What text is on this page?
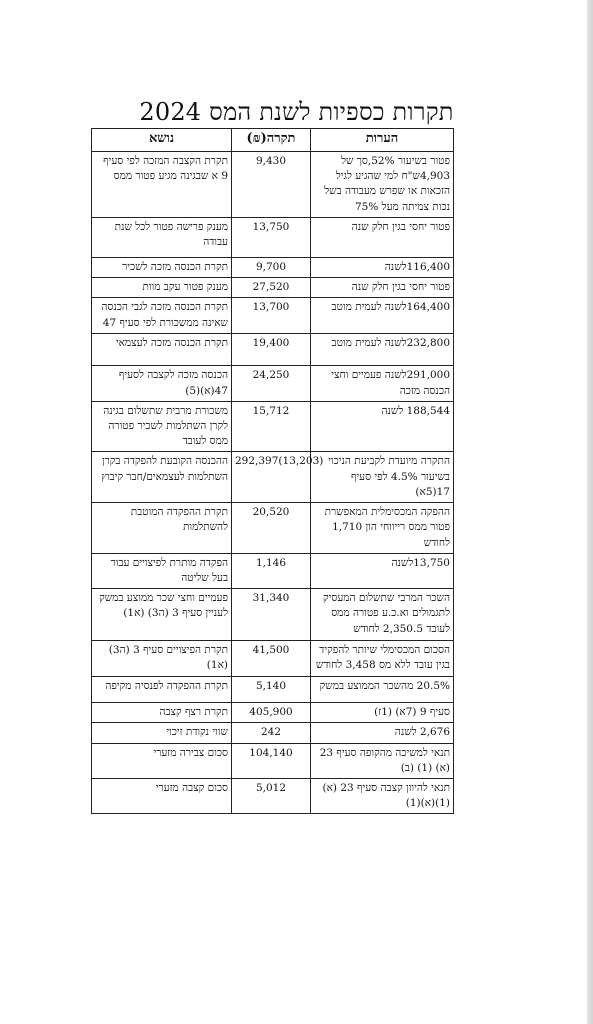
תקרות כספיות לשנת המס 2024
הערות	תקרה(₪)	נושא
פטור בשיעור 52%,סך של 4,903ש"ח למי שהגיע לגיל הזכאות או שפרש מעבודה בשל נכות צמיתה מעל 75%	9,430	תקרת הקצבה המזכה לפי סעיף 9 א שבגינה מגיע פטור ממס
פטור יחסי בגין חלק שנה	13,750	מענק פרישה פטור לכל שנת עבודה
116,400לשנה	9,700	תקרת הכנסה מזכה לשכיר
פטור יחסי בגין חלק שנה	27,520	מענק פטור עקב מוות
164,400לשנה לעמית מוטב	13,700	תקרת הכנסה מזכה לגבי הכנסה שאינה ממשכורת לפי סעיף 47
232,800לשנה לעמית מוטב	19,400	תקרת הכנסה מזכה לעצמאי
291,000לשנה פעמיים וחצי הכנסה מזכה	24,250	הכנסה מזכה לקצבה לסעיף 47(א)(5)
188,544 לשנה	15,712	משכורת מרבית שתשלום בגינה לקרן השתלמות לשכיר פטורה ממס לעובד
התקרה מיועדת לקביעת הניכוי בשיעור 4.5% לפי סעיף 17(5א)	292,397(13,203)	ההכנסה הקובעת להפקדה בקרן השתלמות לעצמאים/חבר קיבוץ
ההפקה המכסימלית המאפשרת פטור ממס רייווחי הון 1,710 לחודש	20,520	תקרת ההפקדה המוטבת להשתלמות
13,750לשנה	1,146	הפקדה מותרת לפיצויים עבור בעל שליטה
השכר המרבי שתשלום המעסיק לתגמולים וא.כ.ע פטורה ממס לעובד 2,350.5 לחודש	31,340	פעמיים וחצי שכר ממוצע במשק לעניין סעיף 3 (ה3) (א1)
הסכום המכסימלי שיותר להפקיד בגין עובד ללא מס 3,458 לחודש	41,500	תקרת הפיצויים סעיף 3 (ה3)(א1)
20.5% מהשכר הממוצע במשק	5,140	תקרת ההפקדה לפנסיה מקיפה
סעיף 9 (7א) (1ז)	405,900	תקרת רצף קצבה
2,676 לשנה	242	שווי נקודת זיכוי
תנאי למשיכה מהקופה סעיף 23 (א) (1) (ב)	104,140	סכום צבירה מזערי
תנאי להיוון קצבה סעיף 23 (א) (1)(א)(1)	5,012	סכום קצבה מזערי
